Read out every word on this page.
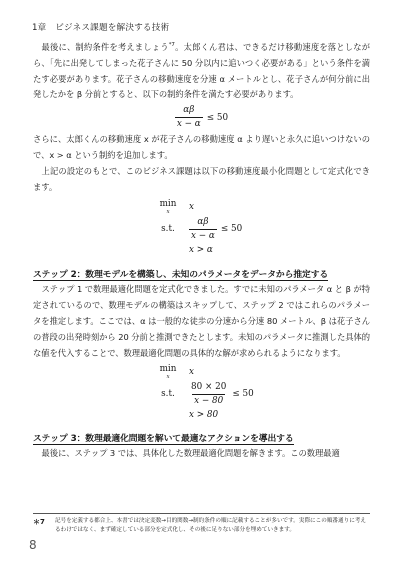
1章　ビジネス課題を解決する技術

最後に、制約条件を考えましょう$^{*7}$。太郎くん君は、できるだけ移動速度を落としながら、「先に出発してしまった花子さんに 50 分以内に追いつく必要がある」という条件を満たす必要があります。花子さんの移動速度を分速 α メートルとし、花子さんが何分前に出発したかを β 分前とすると、以下の制約条件を満たす必要があります。

$\frac{\alpha\beta}{x - \alpha} \le 50$

さらに、太郎くんの移動速度 x が花子さんの移動速度 α より遅いと永久に追いつけないので、x > α という制約を追加します。

上記の設定のもとで、このビジネス課題は以下の移動速度最小化問題として定式化できます。

min
x x
s.t.	$\frac{\alpha\beta}{x - \alpha} \le 50$
x > α
ステップ 2：数理モデルを構築し、未知のパラメータをデータから推定する

ステップ 1 で数理最適化問題を定式化できました。すでに未知のパラメータ α と β が特定されているので、数理モデルの構築はスキップして、ステップ 2 ではこれらのパラメータを推定します。ここでは、α は一般的な徒歩の分速から分速 80 メートル、β は花子さんの普段の出発時刻から 20 分前と推測できたとします。未知のパラメータに推測した具体的な値を代入することで、数理最適化問題の具体的な解が求められるようになります。

min
x x
s.t.	$\frac{80 \times 20}{x - 80} \le 50$
x > 80
ステップ 3：数理最適化問題を解いて最適なアクションを導出する

最後に、ステップ 3 では、具体化した数理最適化問題を解きます。この数理最適

＊7	記号を定義する都合上、本書では決定変数→目的関数→制約条件の順に記載することが多いです。実際にこの順番通りに考えるわけではなく、まず確定している部分を定式化し、その後に足りない部分を埋めていきます。
8
